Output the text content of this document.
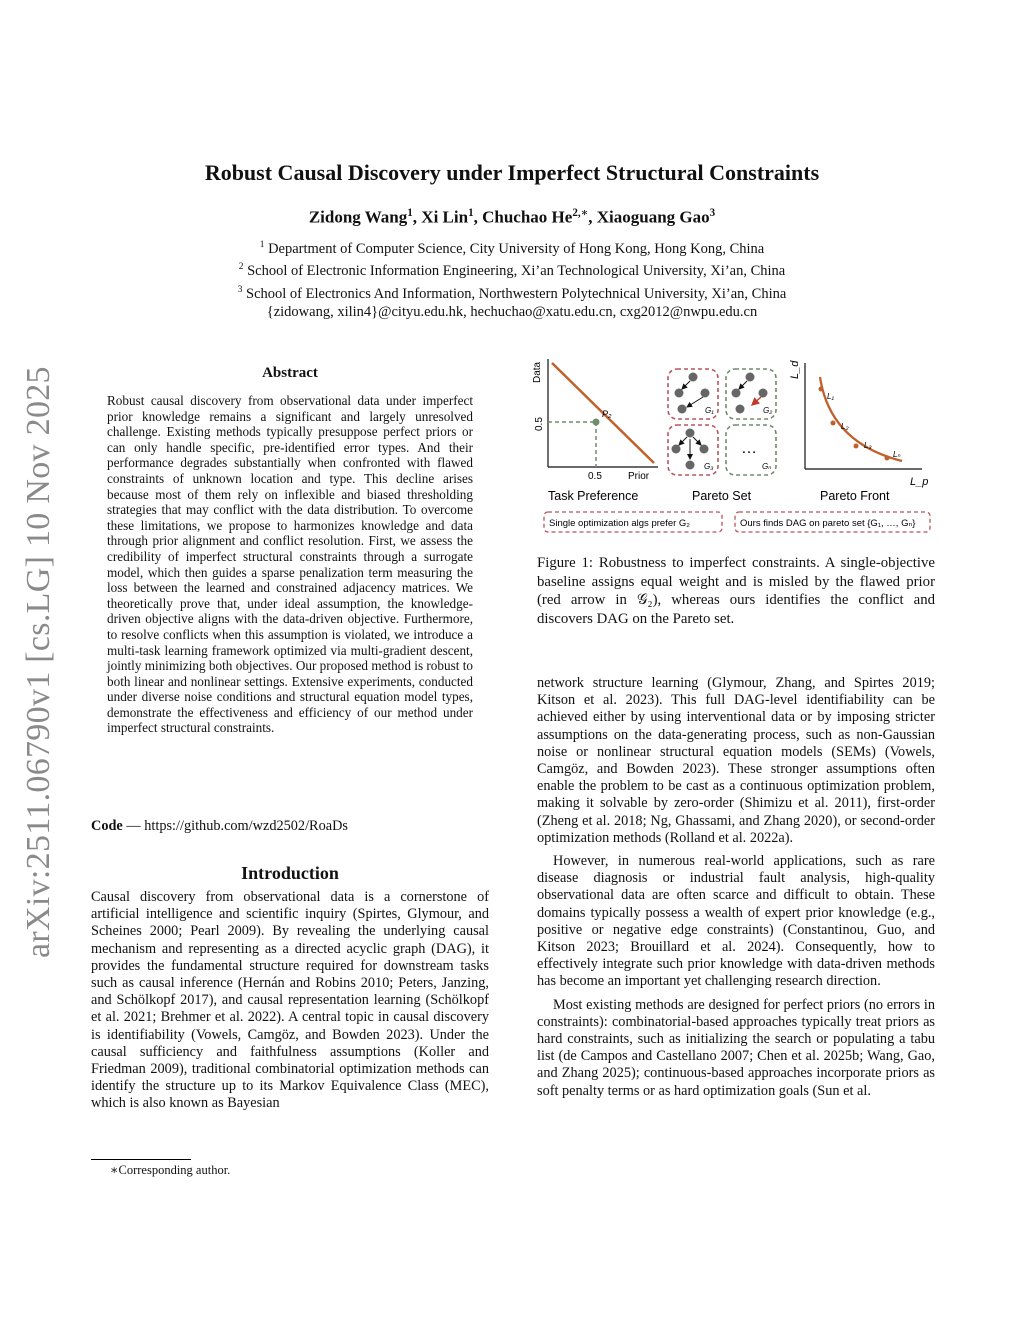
arXiv:2511.06790v1 [cs.LG] 10 Nov 2025
Robust Causal Discovery under Imperfect Structural Constraints
Zidong Wang$^1$, Xi Lin$^1$, Chuchao $He^{2,∗}$, Xiaoguang Gao$^3$
$^1$ Department of Computer Science, City University of Hong Kong, Hong Kong, China
$^2$ School of Electronic Information Engineering, Xi’an Technological University, Xi’an, China
$^3$ School of Electronics And Information, Northwestern Polytechnical University, Xi’an, China
{zidowang, xilin4}@cityu.edu.hk, hechuchao@xatu.edu.cn, cxg2012@nwpu.edu.cn
Abstract
Robust causal discovery from observational data under imperfect prior knowledge remains a significant and largely unresolved challenge. Existing methods typically presuppose perfect priors or can only handle specific, pre-identified error types. And their performance degrades substantially when confronted with flawed constraints of unknown location and type. This decline arises because most of them rely on inflexible and biased thresholding strategies that may conflict with the data distribution. To overcome these limitations, we propose to harmonizes knowledge and data through prior alignment and conflict resolution. First, we assess the credibility of imperfect structural constraints through a surrogate model, which then guides a sparse penalization term measuring the loss between the learned and constrained adjacency matrices. We theoretically prove that, under ideal assumption, the knowledge-driven objective aligns with the data-driven objective. Furthermore, to resolve conflicts when this assumption is violated, we introduce a multi-task learning framework optimized via multi-gradient descent, jointly minimizing both objectives. Our proposed method is robust to both linear and nonlinear settings. Extensive experiments, conducted under diverse noise conditions and structural equation model types, demonstrate the effectiveness and efficiency of our method under imperfect structural constraints.
Code — https://github.com/wzd2502/RoaDs
Introduction
Causal discovery from observational data is a cornerstone of artificial intelligence and scientific inquiry (Spirtes, Glymour, and Scheines 2000; Pearl 2009). By revealing the underlying causal mechanism and representing as a directed acyclic graph (DAG), it provides the fundamental structure required for downstream tasks such as causal inference (Hernán and Robins 2010; Peters, Janzing, and Schölkopf 2017), and causal representation learning (Schölkopf et al. 2021; Brehmer et al. 2022). A central topic in causal discovery is identifiability (Vowels, Camgöz, and Bowden 2023). Under the causal sufficiency and faithfulness assumptions (Koller and Friedman 2009), traditional combinatorial optimization methods can identify the structure up to its Markov Equivalence Class (MEC), which is also known as Bayesian
∗Corresponding author.
Data
0.5
0.5	Prior
P₂
Task Preference
G₁	G₂
G₃
…
Gₙ
Pareto Set
L₁
L₂
L₃
Lₙ
L_d
L_p
Pareto Front
Single optimization algs prefer G₂	Ours finds DAG on pareto set {G₁, …, Gₙ}
Figure 1: Robustness to imperfect constraints. A single-objective baseline assigns equal weight and is misled by the flawed prior (red arrow in 𝒢₂), whereas ours identifies the conflict and discovers DAG on the Pareto set.

network structure learning (Glymour, Zhang, and Spirtes 2019; Kitson et al. 2023). This full DAG-level identifiability can be achieved either by using interventional data or by imposing stricter assumptions on the data-generating process, such as non-Gaussian noise or nonlinear structural equation models (SEMs) (Vowels, Camgöz, and Bowden 2023). These stronger assumptions often enable the problem to be cast as a continuous optimization problem, making it solvable by zero-order (Shimizu et al. 2011), first-order (Zheng et al. 2018; Ng, Ghassami, and Zhang 2020), or second-order optimization methods (Rolland et al. 2022a).

However, in numerous real-world applications, such as rare disease diagnosis or industrial fault analysis, high-quality observational data are often scarce and difficult to obtain. These domains typically possess a wealth of expert prior knowledge (e.g., positive or negative edge constraints) (Constantinou, Guo, and Kitson 2023; Brouillard et al. 2024). Consequently, how to effectively integrate such prior knowledge with data-driven methods has become an important yet challenging research direction.

Most existing methods are designed for perfect priors (no errors in constraints): combinatorial-based approaches typically treat priors as hard constraints, such as initializing the search or populating a tabu list (de Campos and Castellano 2007; Chen et al. 2025b; Wang, Gao, and Zhang 2025); continuous-based approaches incorporate priors as soft penalty terms or as hard optimization goals (Sun et al.
